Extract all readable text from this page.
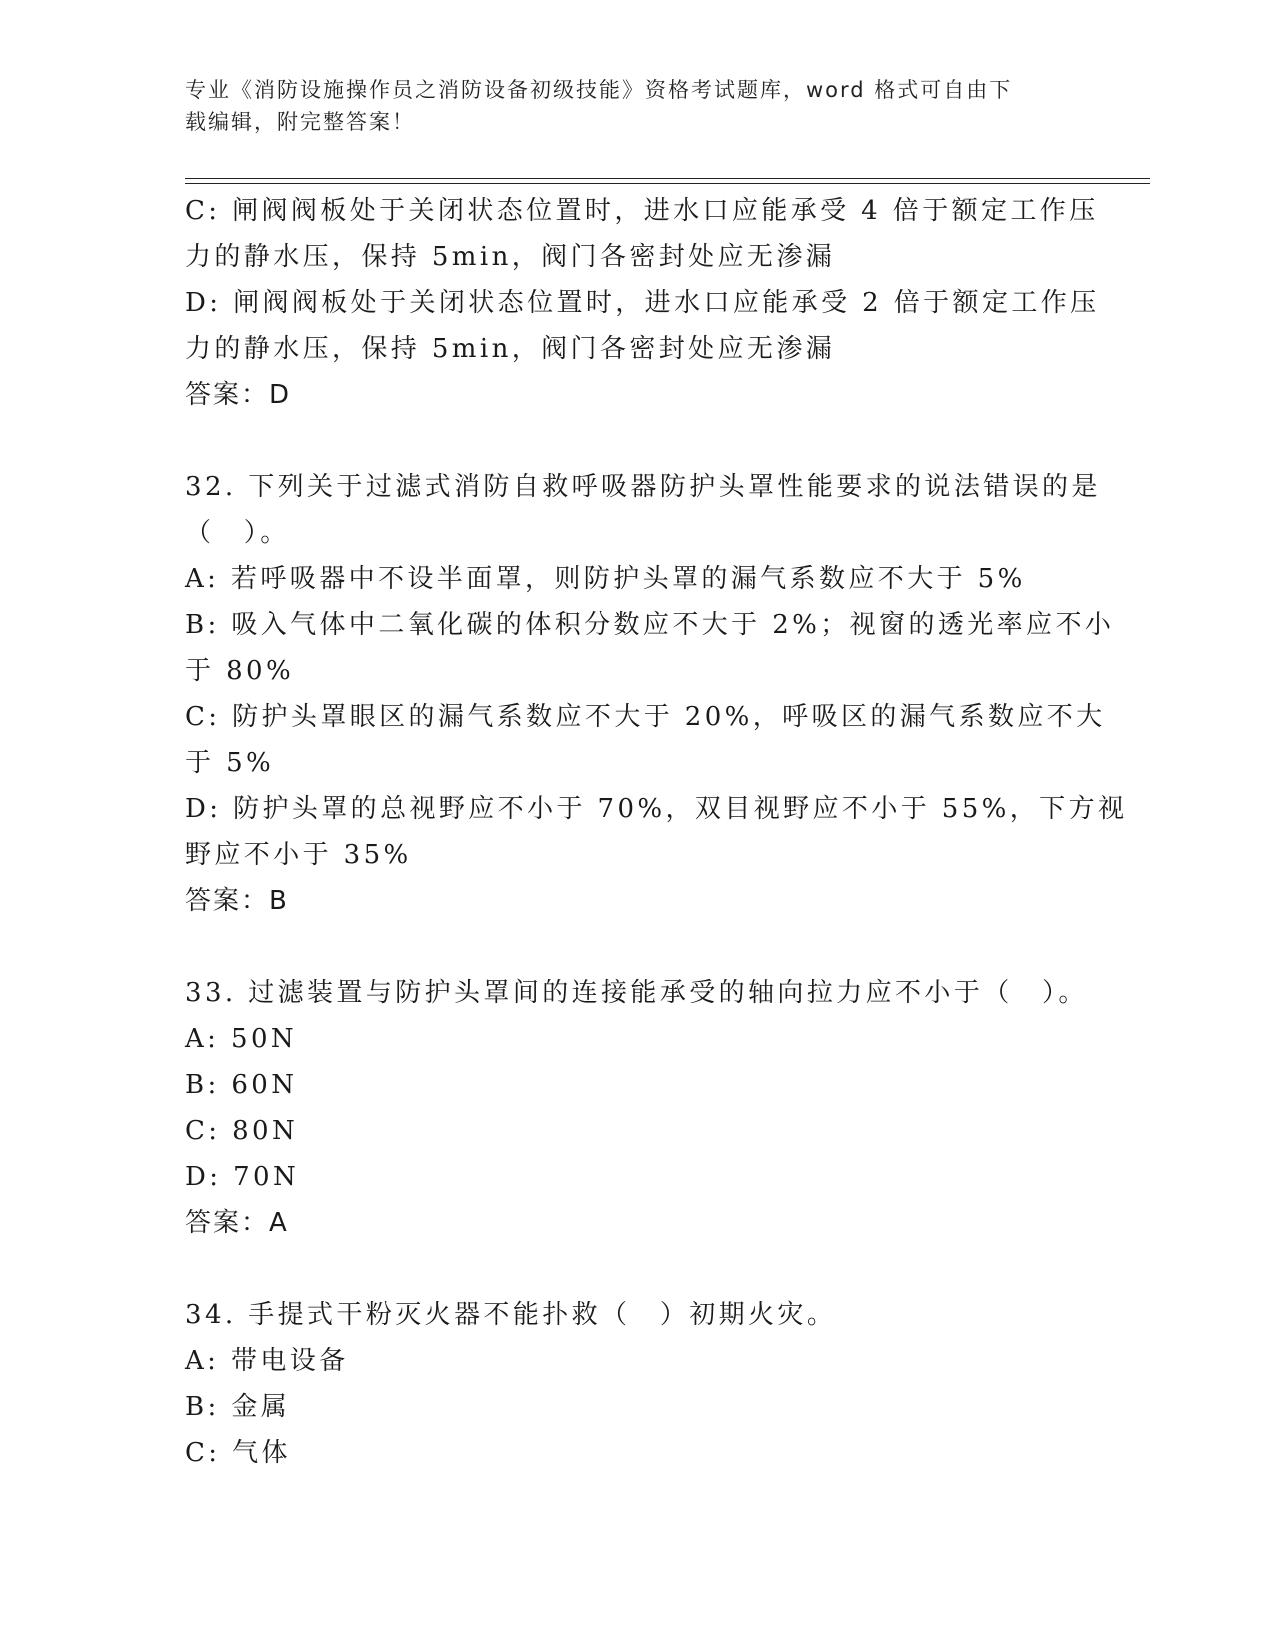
专业《消防设施操作员之消防设备初级技能》资格考试题库，word 格式可自由下
载编辑，附完整答案！
C: 闸阀阀板处于关闭状态位置时，进水口应能承受 4 倍于额定工作压
力的静水压，保持 5min，阀门各密封处应无渗漏
D: 闸阀阀板处于关闭状态位置时，进水口应能承受 2 倍于额定工作压
力的静水压，保持 5min，阀门各密封处应无渗漏
答案：D
32. 下列关于过滤式消防自救呼吸器防护头罩性能要求的说法错误的是
（　）。
A: 若呼吸器中不设半面罩，则防护头罩的漏气系数应不大于 5%
B: 吸入气体中二氧化碳的体积分数应不大于 2%；视窗的透光率应不小
于 80%
C: 防护头罩眼区的漏气系数应不大于 20%，呼吸区的漏气系数应不大
于 5%
D: 防护头罩的总视野应不小于 70%，双目视野应不小于 55%，下方视
野应不小于 35%
答案：B
33. 过滤装置与防护头罩间的连接能承受的轴向拉力应不小于（　）。
A: 50N
B: 60N
C: 80N
D: 70N
答案：A
34. 手提式干粉灭火器不能扑救（　）初期火灾。
A: 带电设备
B: 金属
C: 气体
